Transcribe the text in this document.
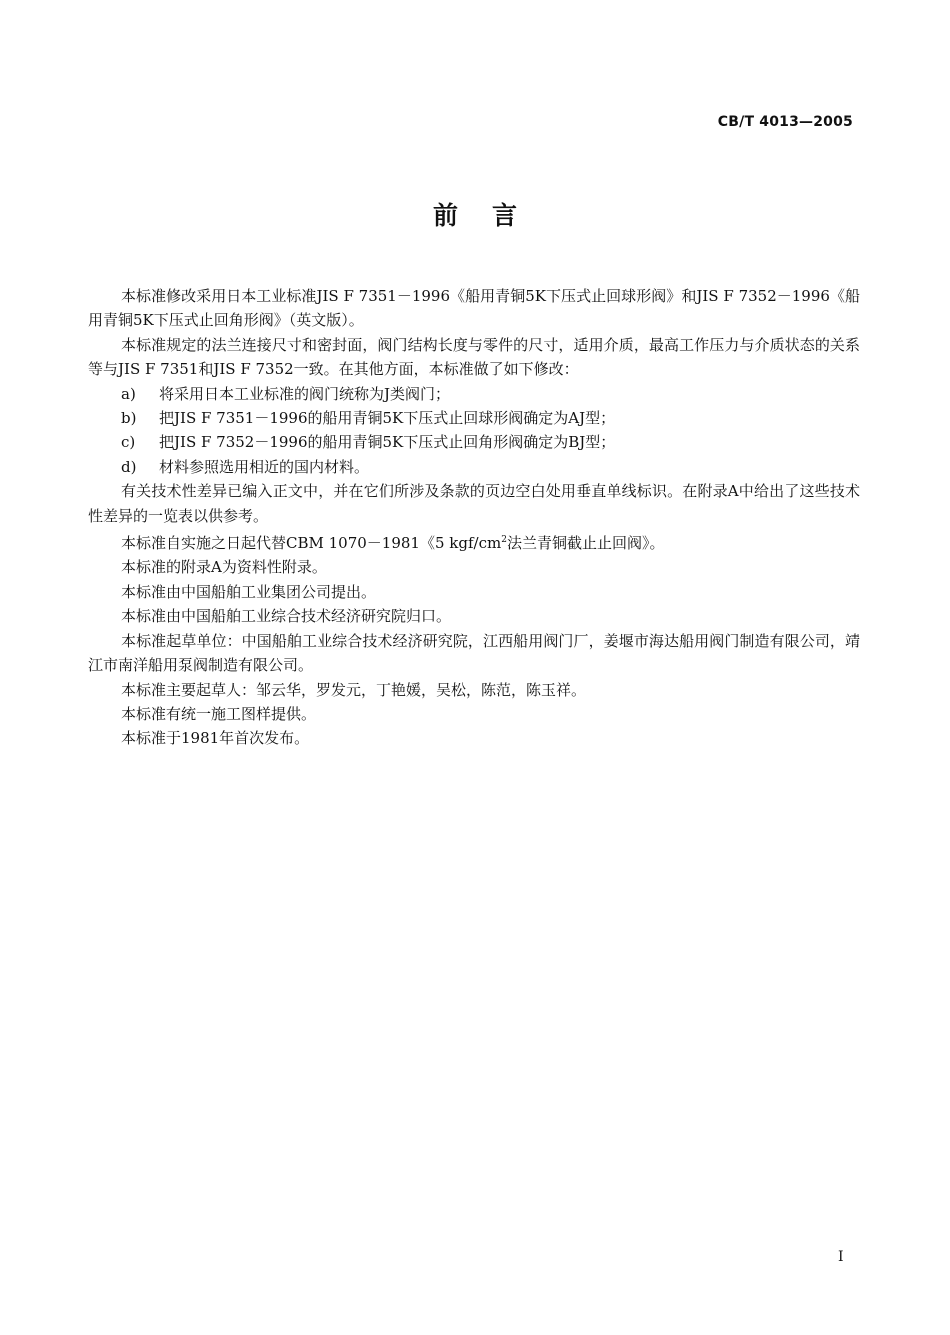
CB/T 4013—2005
前 言

本标准修改采用日本工业标准JIS F 7351－1996《船用青铜5K下压式止回球形阀》和JIS F 7352－1996《船用青铜5K下压式止回角形阀》（英文版）。

本标准规定的法兰连接尺寸和密封面，阀门结构长度与零件的尺寸，适用介质，最高工作压力与介质状态的关系等与JIS F 7351和JIS F 7352一致。在其他方面，本标准做了如下修改：

a)	将采用日本工业标准的阀门统称为J类阀门；
b)	把JIS F 7351－1996的船用青铜5K下压式止回球形阀确定为AJ型；
c)	把JIS F 7352－1996的船用青铜5K下压式止回角形阀确定为BJ型；
d)	材料参照选用相近的国内材料。

有关技术性差异已编入正文中，并在它们所涉及条款的页边空白处用垂直单线标识。在附录A中给出了这些技术性差异的一览表以供参考。

本标准自实施之日起代替CBM 1070－1981《5 kgf/$cm^2$法兰青铜截止止回阀》。

本标准的附录A为资料性附录。

本标准由中国船舶工业集团公司提出。

本标准由中国船舶工业综合技术经济研究院归口。

本标准起草单位：中国船舶工业综合技术经济研究院，江西船用阀门厂，姜堰市海达船用阀门制造有限公司，靖江市南洋船用泵阀制造有限公司。

本标准主要起草人：邹云华，罗发元，丁艳媛，吴松，陈范，陈玉祥。

本标准有统一施工图样提供。

本标准于1981年首次发布。

I
